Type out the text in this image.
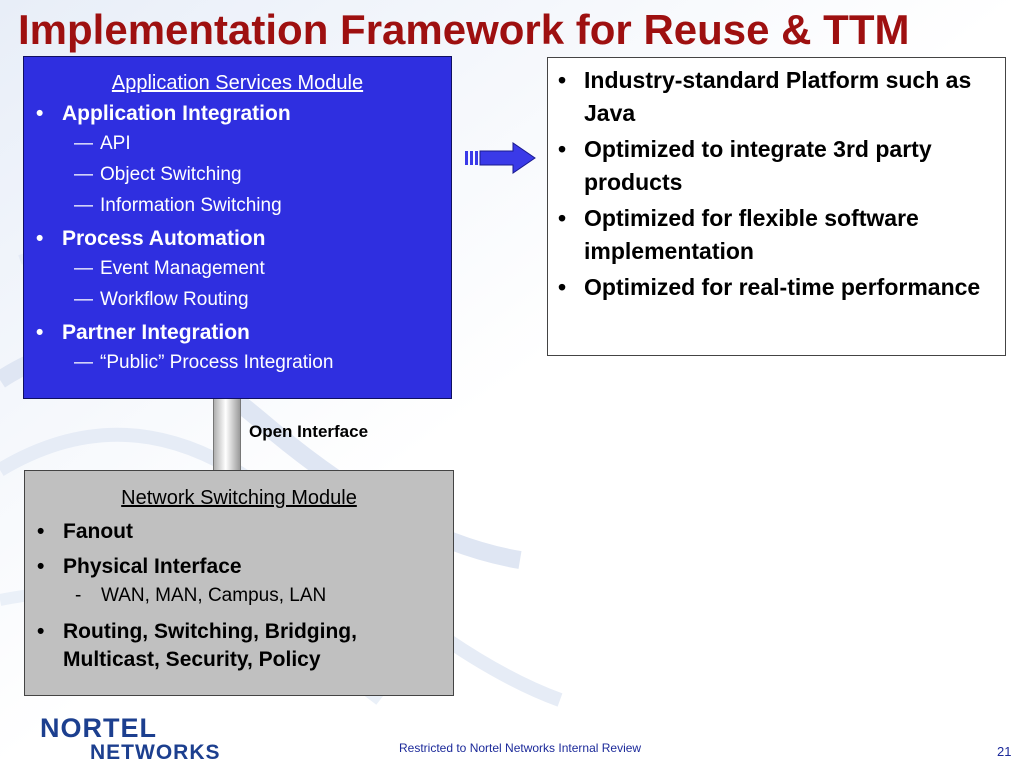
Implementation Framework for Reuse & TTM
Application Services Module
• Application Integration
— API
— Object Switching
— Information Switching
• Process Automation
— Event Management
— Workflow Routing
• Partner Integration
— “Public” Process Integration
• Industry-standard Platform such as Java
• Optimized to integrate 3rd party products
• Optimized for flexible software implementation
• Optimized for real-time performance
Open Interface
Network Switching Module
• Fanout
• Physical Interface
- WAN, MAN, Campus, LAN
• Routing, Switching, Bridging, Multicast, Security, Policy
NORTEL
NETWORKS	Restricted to Nortel Networks Internal Review	21
